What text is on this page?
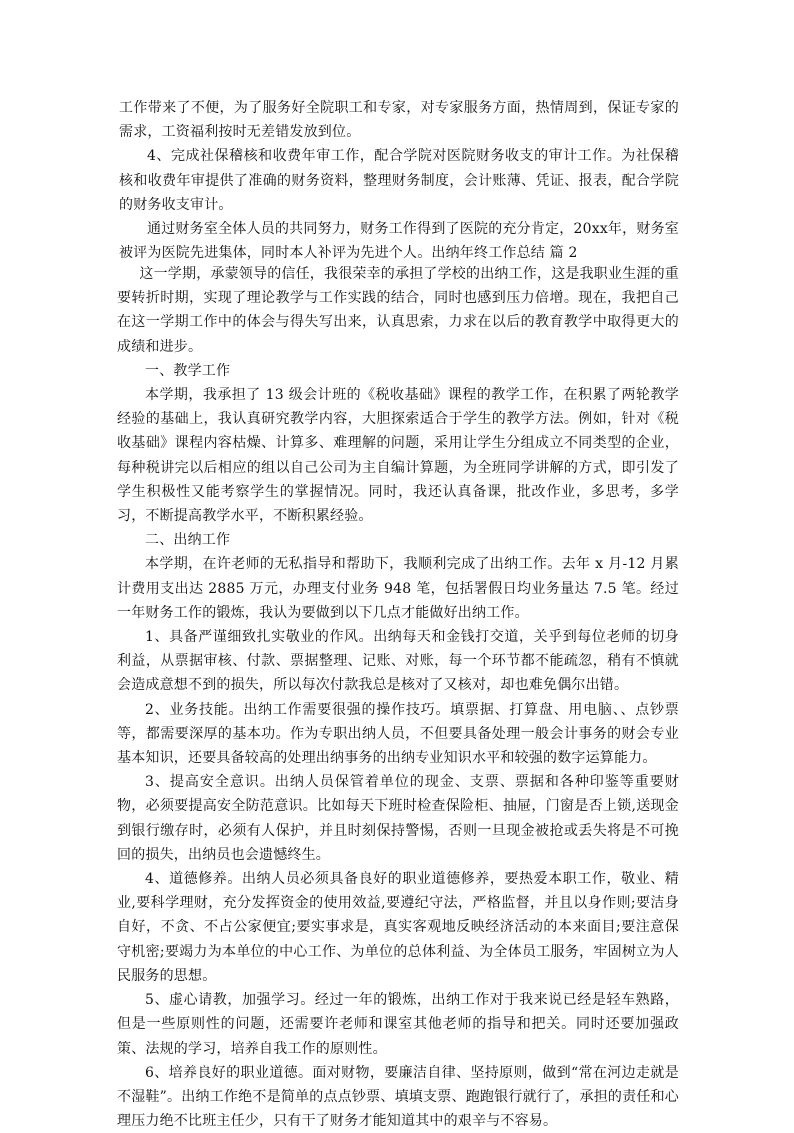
工作带来了不便，为了服务好全院职工和专家，对专家服务方面，热情周到，保证专家的需求，工资福利按时无差错发放到位。

4、完成社保稽核和收费年审工作，配合学院对医院财务收支的审计工作。为社保稽核和收费年审提供了准确的财务资料，整理财务制度，会计账薄、凭证、报表，配合学院的财务收支审计。

通过财务室全体人员的共同努力，财务工作得到了医院的充分肯定，20xx年，财务室被评为医院先进集体，同时本人补评为先进个人。出纳年终工作总结 篇 2

这一学期，承蒙领导的信任，我很荣幸的承担了学校的出纳工作，这是我职业生涯的重要转折时期，实现了理论教学与工作实践的结合，同时也感到压力倍增。现在，我把自己在这一学期工作中的体会与得失写出来，认真思索，力求在以后的教育教学中取得更大的成绩和进步。

一、教学工作

本学期，我承担了 13 级会计班的《税收基础》课程的教学工作，在积累了两轮教学经验的基础上，我认真研究教学内容，大胆探索适合于学生的教学方法。例如，针对《税收基础》课程内容枯燥、计算多、难理解的问题，采用让学生分组成立不同类型的企业，每种税讲完以后相应的组以自己公司为主自编计算题，为全班同学讲解的方式，即引发了学生积极性又能考察学生的掌握情况。同时，我还认真备课，批改作业，多思考，多学习，不断提高教学水平，不断积累经验。

二、出纳工作

本学期，在许老师的无私指导和帮助下，我顺利完成了出纳工作。去年 x 月-12 月累计费用支出达 2885 万元，办理支付业务 948 笔，包括署假日均业务量达 7.5 笔。经过一年财务工作的锻炼，我认为要做到以下几点才能做好出纳工作。

1、具备严谨细致扎实敬业的作风。出纳每天和金钱打交道，关乎到每位老师的切身利益，从票据审核、付款、票据整理、记账、对账，每一个环节都不能疏忽，稍有不慎就会造成意想不到的损失，所以每次付款我总是核对了又核对，却也难免偶尔出错。

2、业务技能。出纳工作需要很强的操作技巧。填票据、打算盘、用电脑、、点钞票等，都需要深厚的基本功。作为专职出纳人员，不但要具备处理一般会计事务的财会专业基本知识，还要具备较高的处理出纳事务的出纳专业知识水平和较强的数字运算能力。

3、提高安全意识。出纳人员保管着单位的现金、支票、票据和各种印鉴等重要财物，必须要提高安全防范意识。比如每天下班时检查保险柜、抽屉，门窗是否上锁,送现金到银行缴存时，必须有人保护，并且时刻保持警惕，否则一旦现金被抢或丢失将是不可挽回的损失，出纳员也会遗憾终生。

4、道德修养。出纳人员必须具备良好的职业道德修养，要热爱本职工作，敬业、精业,要科学理财，充分发挥资金的使用效益,要遵纪守法，严格监督，并且以身作则;要洁身自好，不贪、不占公家便宜;要实事求是，真实客观地反映经济活动的本来面目;要注意保守机密;要竭力为本单位的中心工作、为单位的总体利益、为全体员工服务，牢固树立为人民服务的思想。

5、虚心请教，加强学习。经过一年的锻炼，出纳工作对于我来说已经是轻车熟路，但是一些原则性的问题，还需要许老师和课室其他老师的指导和把关。同时还要加强政策、法规的学习，培养自我工作的原则性。

6、培养良好的职业道德。面对财物，要廉洁自律、坚持原则，做到“常在河边走就是不湿鞋”。出纳工作绝不是简单的点点钞票、填填支票、跑跑银行就行了，承担的责任和心理压力绝不比班主任少，只有干了财务才能知道其中的艰辛与不容易。
